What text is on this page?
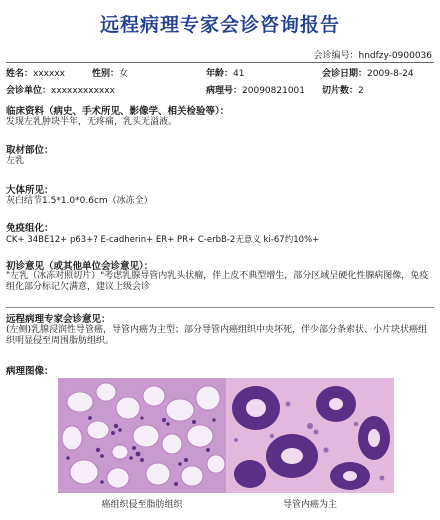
远程病理专家会诊咨询报告
会诊编号：hndfzy-0900036
姓名：xxxxxx	性别：女	年龄：41	会诊日期：2009-8-24
会诊单位：xxxxxxxxxxxx	病理号：20090821001 切片数：2
临床资料（病史、手术所见、影像学、相关检验等）：
发现左乳肿块半年，无疼痛，乳头无溢液。
取材部位：
左乳
大体所见：
灰白结节1.5*1.0*0.6cm（冰冻全）
免疫组化：
CK+ 34BE12+ p63+? E-cadherin+ ER+ PR+ C-erbB-2无意义 ki-67约10%+
初诊意见（或其他单位会诊意见）：
"左乳（冰冻对照切片）"考虑乳腺导管内乳头状瘤，伴上皮不典型增生，部分区域呈硬化性腺病图像，免疫组化部分标记欠满意，建议上级会诊
远程病理专家会诊意见：
(左侧)乳腺浸润性导管癌，导管内癌为主型；部分导管内癌组织中央坏死，伴少部分条索状、小片块状癌组织明显侵至周围脂肪组织。
病理图像：
癌组织侵至脂肪组织	导管内癌为主
